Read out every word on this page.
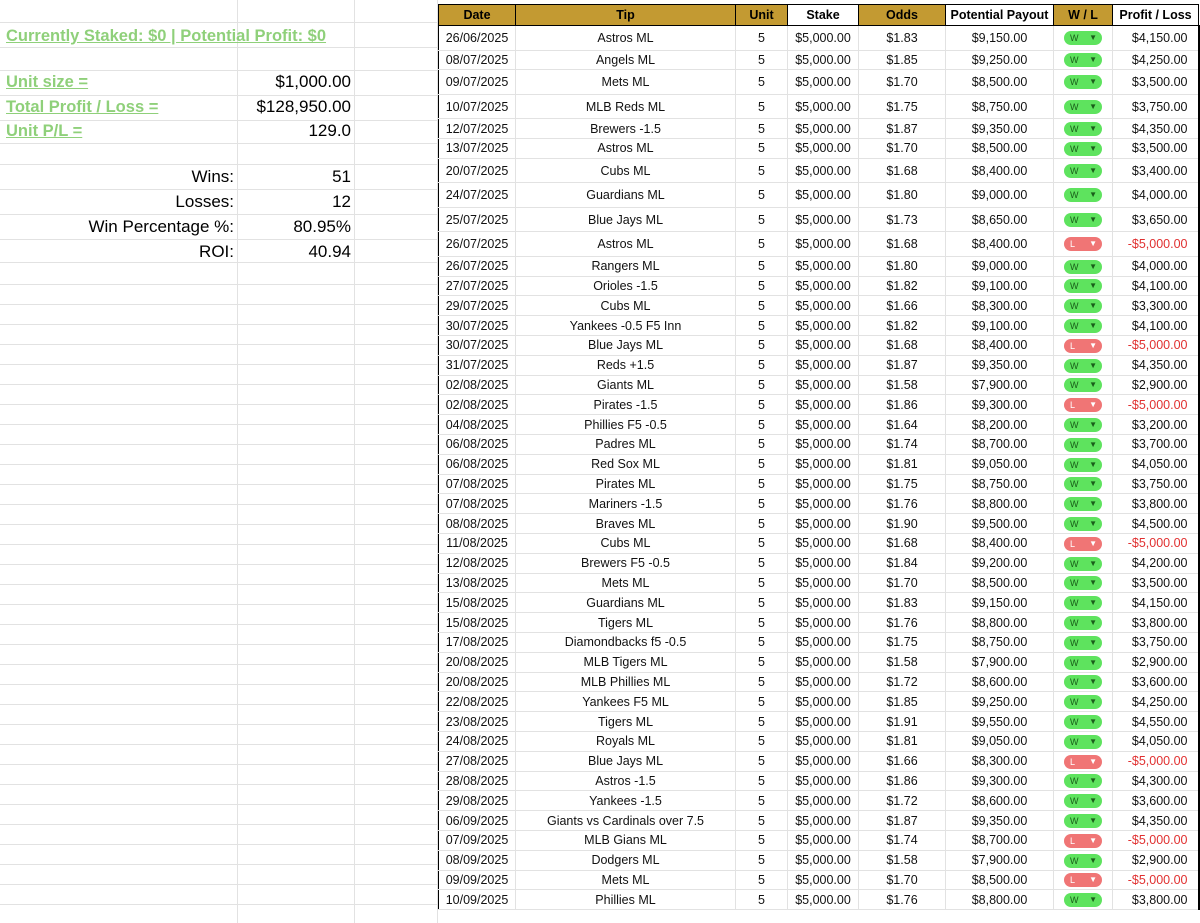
Currently Staked: $0 | Potential Profit: $0
Unit size =	$1,000.00
Total Profit / Loss =	$128,950.00
Unit P/L =	129.0
Wins:	51
Losses:	12
Win Percentage %:	80.95%
ROI:	40.94
Date	Tip	Unit	Stake	Odds	Potential Payout	W / L	Profit / Loss
26/06/2025	Astros ML	5	$5,000.00	$1.83	$9,150.00	W ▼	$4,150.00
08/07/2025	Angels ML	5	$5,000.00	$1.85	$9,250.00	W ▼	$4,250.00
09/07/2025	Mets ML	5	$5,000.00	$1.70	$8,500.00	W ▼	$3,500.00
10/07/2025	MLB Reds ML	5	$5,000.00	$1.75	$8,750.00	W ▼	$3,750.00
12/07/2025	Brewers -1.5	5	$5,000.00	$1.87	$9,350.00	W ▼	$4,350.00
13/07/2025	Astros ML	5	$5,000.00	$1.70	$8,500.00	W ▼	$3,500.00
20/07/2025	Cubs ML	5	$5,000.00	$1.68	$8,400.00	W ▼	$3,400.00
24/07/2025	Guardians ML	5	$5,000.00	$1.80	$9,000.00	W ▼	$4,000.00
25/07/2025	Blue Jays ML	5	$5,000.00	$1.73	$8,650.00	W ▼	$3,650.00
26/07/2025	Astros ML	5	$5,000.00	$1.68	$8,400.00	L ▼	-$5,000.00
26/07/2025	Rangers ML	5	$5,000.00	$1.80	$9,000.00	W ▼	$4,000.00
27/07/2025	Orioles -1.5	5	$5,000.00	$1.82	$9,100.00	W ▼	$4,100.00
29/07/2025	Cubs ML	5	$5,000.00	$1.66	$8,300.00	W ▼	$3,300.00
30/07/2025	Yankees -0.5 F5 Inn	5	$5,000.00	$1.82	$9,100.00	W ▼	$4,100.00
30/07/2025	Blue Jays ML	5	$5,000.00	$1.68	$8,400.00	L ▼	-$5,000.00
31/07/2025	Reds +1.5	5	$5,000.00	$1.87	$9,350.00	W ▼	$4,350.00
02/08/2025	Giants ML	5	$5,000.00	$1.58	$7,900.00	W ▼	$2,900.00
02/08/2025	Pirates -1.5	5	$5,000.00	$1.86	$9,300.00	L ▼	-$5,000.00
04/08/2025	Phillies F5 -0.5	5	$5,000.00	$1.64	$8,200.00	W ▼	$3,200.00
06/08/2025	Padres ML	5	$5,000.00	$1.74	$8,700.00	W ▼	$3,700.00
06/08/2025	Red Sox ML	5	$5,000.00	$1.81	$9,050.00	W ▼	$4,050.00
07/08/2025	Pirates ML	5	$5,000.00	$1.75	$8,750.00	W ▼	$3,750.00
07/08/2025	Mariners -1.5	5	$5,000.00	$1.76	$8,800.00	W ▼	$3,800.00
08/08/2025	Braves ML	5	$5,000.00	$1.90	$9,500.00	W ▼	$4,500.00
11/08/2025	Cubs ML	5	$5,000.00	$1.68	$8,400.00	L ▼	-$5,000.00
12/08/2025	Brewers F5 -0.5	5	$5,000.00	$1.84	$9,200.00	W ▼	$4,200.00
13/08/2025	Mets ML	5	$5,000.00	$1.70	$8,500.00	W ▼	$3,500.00
15/08/2025	Guardians ML	5	$5,000.00	$1.83	$9,150.00	W ▼	$4,150.00
15/08/2025	Tigers ML	5	$5,000.00	$1.76	$8,800.00	W ▼	$3,800.00
17/08/2025	Diamondbacks f5 -0.5	5	$5,000.00	$1.75	$8,750.00	W ▼	$3,750.00
20/08/2025	MLB Tigers ML	5	$5,000.00	$1.58	$7,900.00	W ▼	$2,900.00
20/08/2025	MLB Phillies ML	5	$5,000.00	$1.72	$8,600.00	W ▼	$3,600.00
22/08/2025	Yankees F5 ML	5	$5,000.00	$1.85	$9,250.00	W ▼	$4,250.00
23/08/2025	Tigers ML	5	$5,000.00	$1.91	$9,550.00	W ▼	$4,550.00
24/08/2025	Royals ML	5	$5,000.00	$1.81	$9,050.00	W ▼	$4,050.00
27/08/2025	Blue Jays ML	5	$5,000.00	$1.66	$8,300.00	L ▼	-$5,000.00
28/08/2025	Astros -1.5	5	$5,000.00	$1.86	$9,300.00	W ▼	$4,300.00
29/08/2025	Yankees -1.5	5	$5,000.00	$1.72	$8,600.00	W ▼	$3,600.00
06/09/2025	Giants vs Cardinals over 7.5	5	$5,000.00	$1.87	$9,350.00	W ▼	$4,350.00
07/09/2025	MLB Gians ML	5	$5,000.00	$1.74	$8,700.00	L ▼	-$5,000.00
08/09/2025	Dodgers ML	5	$5,000.00	$1.58	$7,900.00	W ▼	$2,900.00
09/09/2025	Mets ML	5	$5,000.00	$1.70	$8,500.00	L ▼	-$5,000.00
10/09/2025	Phillies ML	5	$5,000.00	$1.76	$8,800.00	W ▼	$3,800.00
